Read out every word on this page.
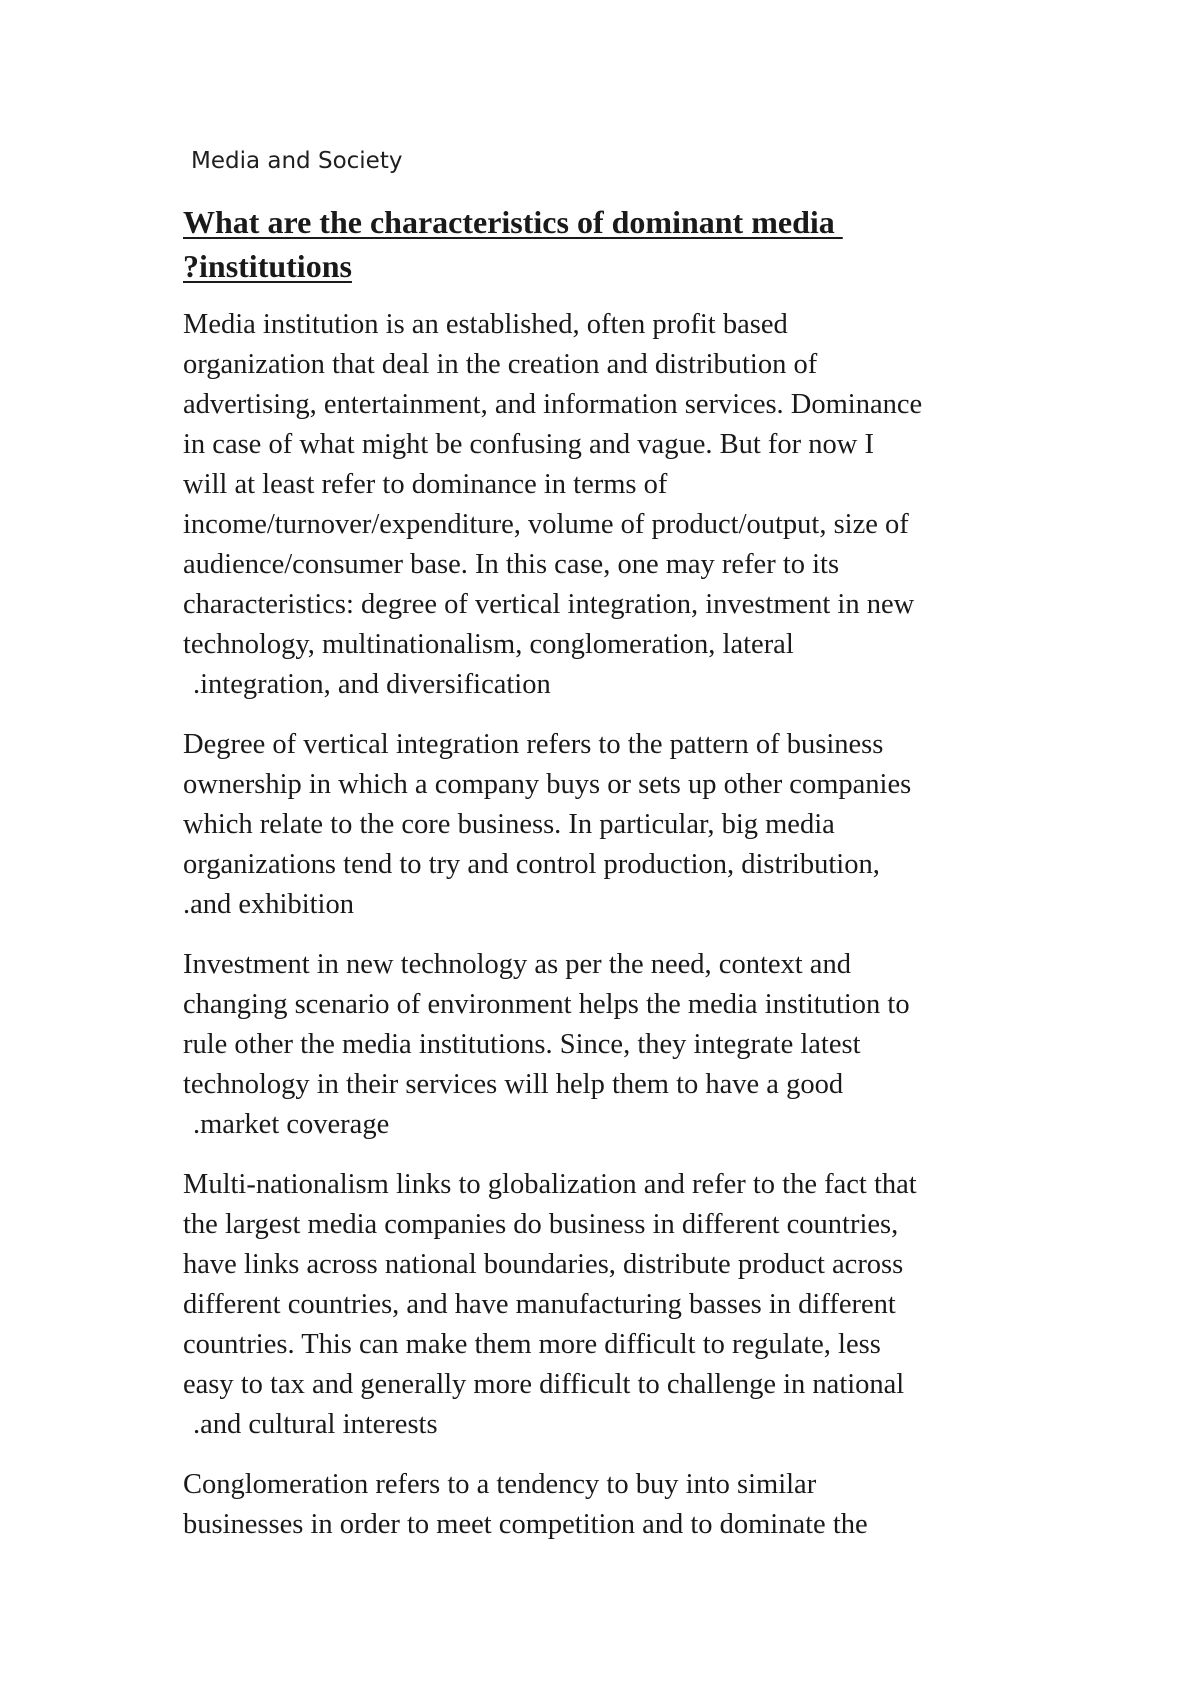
Media and Society

What are the characteristics of dominant media

?institutions

Media institution is an established, often profit based

organization that deal in the creation and distribution of

advertising, entertainment, and information services. Dominance

in case of what might be confusing and vague. But for now I

will at least refer to dominance in terms of

income/turnover/expenditure, volume of product/output, size of

audience/consumer base. In this case, one may refer to its

characteristics: degree of vertical integration, investment in new

technology, multinationalism, conglomeration, lateral

.integration, and diversification

Degree of vertical integration refers to the pattern of business

ownership in which a company buys or sets up other companies

which relate to the core business. In particular, big media

organizations tend to try and control production, distribution,

.and exhibition

Investment in new technology as per the need, context and

changing scenario of environment helps the media institution to

rule other the media institutions. Since, they integrate latest

technology in their services will help them to have a good

.market coverage

Multi-nationalism links to globalization and refer to the fact that

the largest media companies do business in different countries,

have links across national boundaries, distribute product across

different countries, and have manufacturing basses in different

countries. This can make them more difficult to regulate, less

easy to tax and generally more difficult to challenge in national

.and cultural interests

Conglomeration refers to a tendency to buy into similar

businesses in order to meet competition and to dominate the
